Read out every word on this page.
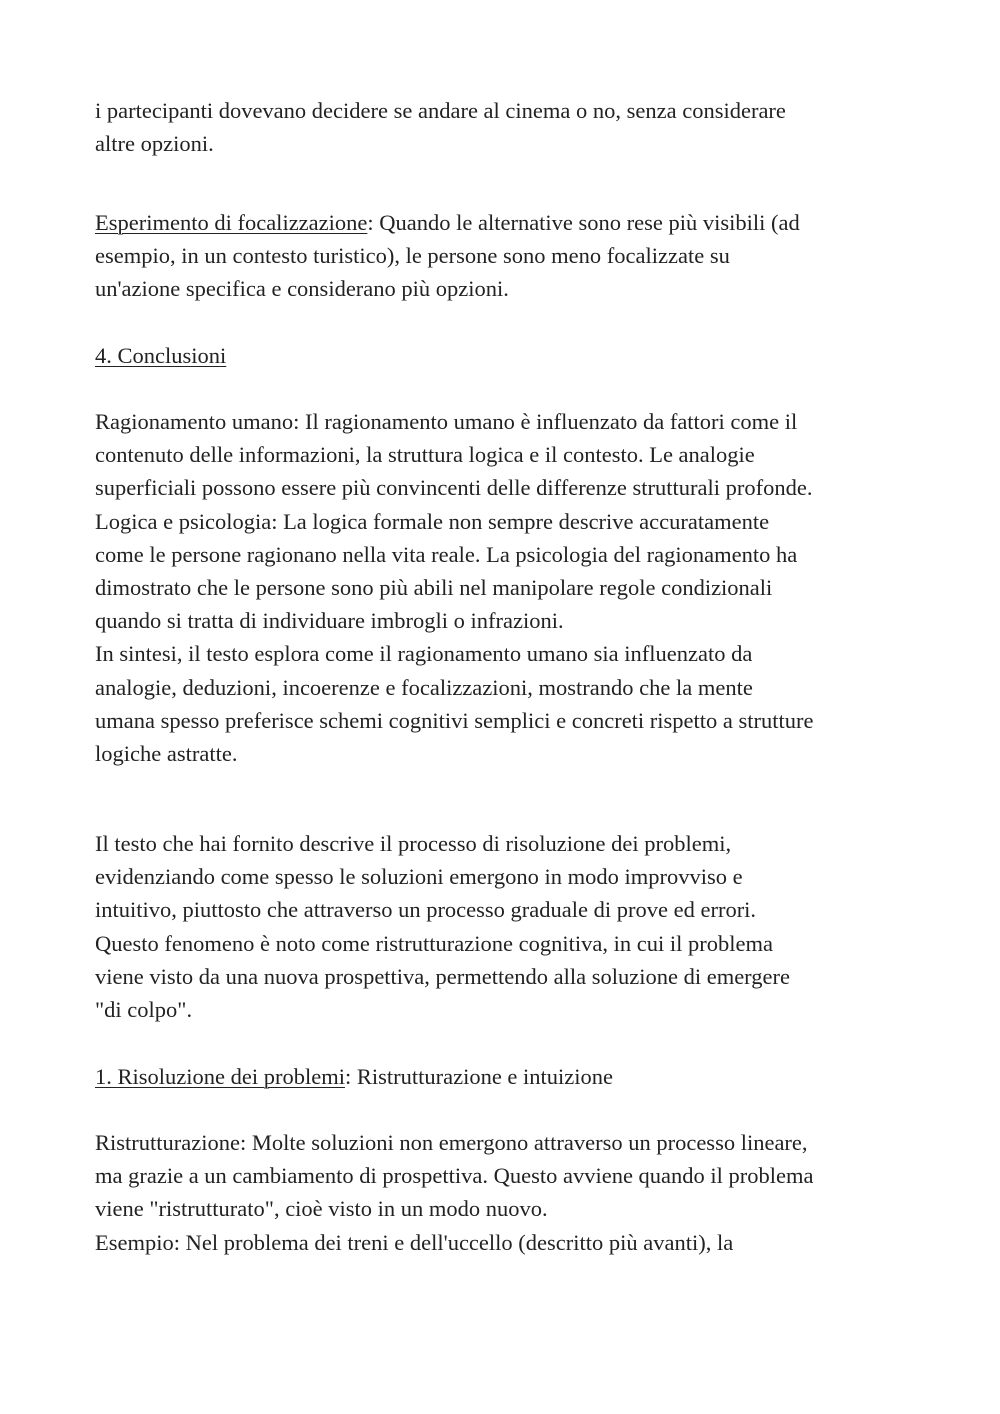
i partecipanti dovevano decidere se andare al cinema o no, senza considerare
altre opzioni.
Esperimento di focalizzazione: Quando le alternative sono rese più visibili (ad
esempio, in un contesto turistico), le persone sono meno focalizzate su
un'azione specifica e considerano più opzioni.
4. Conclusioni
Ragionamento umano: Il ragionamento umano è influenzato da fattori come il
contenuto delle informazioni, la struttura logica e il contesto. Le analogie
superficiali possono essere più convincenti delle differenze strutturali profonde.
Logica e psicologia: La logica formale non sempre descrive accuratamente
come le persone ragionano nella vita reale. La psicologia del ragionamento ha
dimostrato che le persone sono più abili nel manipolare regole condizionali
quando si tratta di individuare imbrogli o infrazioni.
In sintesi, il testo esplora come il ragionamento umano sia influenzato da
analogie, deduzioni, incoerenze e focalizzazioni, mostrando che la mente
umana spesso preferisce schemi cognitivi semplici e concreti rispetto a strutture
logiche astratte.
Il testo che hai fornito descrive il processo di risoluzione dei problemi,
evidenziando come spesso le soluzioni emergono in modo improvviso e
intuitivo, piuttosto che attraverso un processo graduale di prove ed errori.
Questo fenomeno è noto come ristrutturazione cognitiva, in cui il problema
viene visto da una nuova prospettiva, permettendo alla soluzione di emergere
"di colpo".
1. Risoluzione dei problemi: Ristrutturazione e intuizione
Ristrutturazione: Molte soluzioni non emergono attraverso un processo lineare,
ma grazie a un cambiamento di prospettiva. Questo avviene quando il problema
viene "ristrutturato", cioè visto in un modo nuovo.
Esempio: Nel problema dei treni e dell'uccello (descritto più avanti), la
